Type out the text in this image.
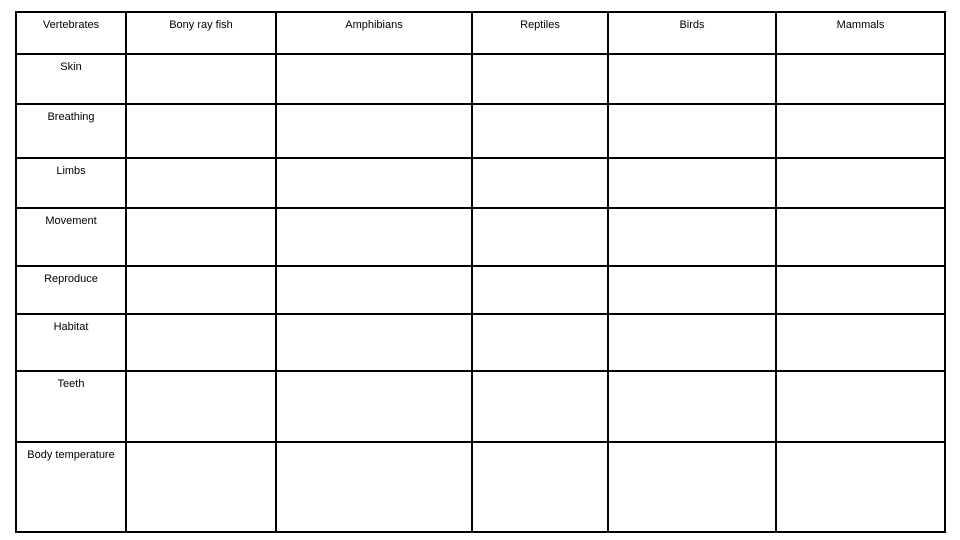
Vertebrates	Bony ray fish	Amphibians	Reptiles	Birds	Mammals

Skin					

Breathing					

Limbs					

Movement					

Reproduce					

Habitat					

Teeth					

Body temperature					
